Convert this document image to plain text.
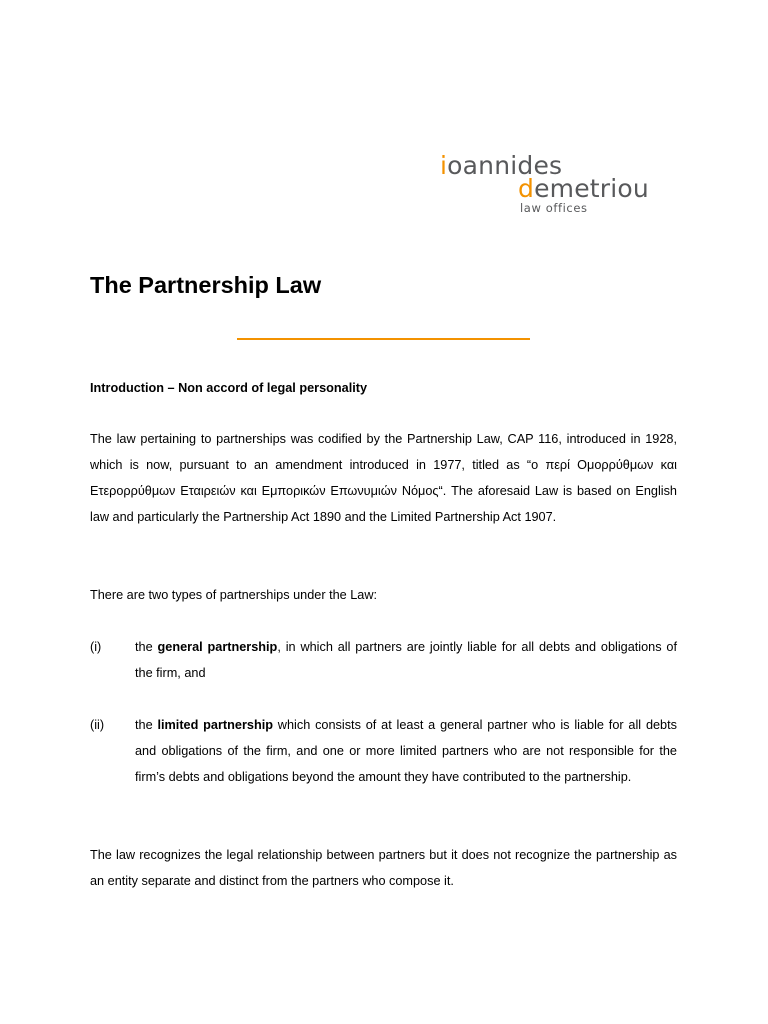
ioannides
demetriou
law offices
The Partnership Law

Introduction – Non accord of legal personality

The law pertaining to partnerships was codified by the Partnership Law, CAP 116, introduced in 1928, which is now, pursuant to an amendment introduced in 1977, titled as “ο περί Ομορρύθμων και Ετερορρύθμων Εταιρειών και Εμπορικών Επωνυμιών Νόμος“. The aforesaid Law is based on English law and particularly the Partnership Act 1890 and the Limited Partnership Act 1907.

There are two types of partnerships under the Law:

(i)	the general partnership, in which all partners are jointly liable for all debts and obligations of the firm, and

(ii)	the limited partnership which consists of at least a general partner who is liable for all debts and obligations of the firm, and one or more limited partners who are not responsible for the firm’s debts and obligations beyond the amount they have contributed to the partnership.

The law recognizes the legal relationship between partners but it does not recognize the partnership as an entity separate and distinct from the partners who compose it.
